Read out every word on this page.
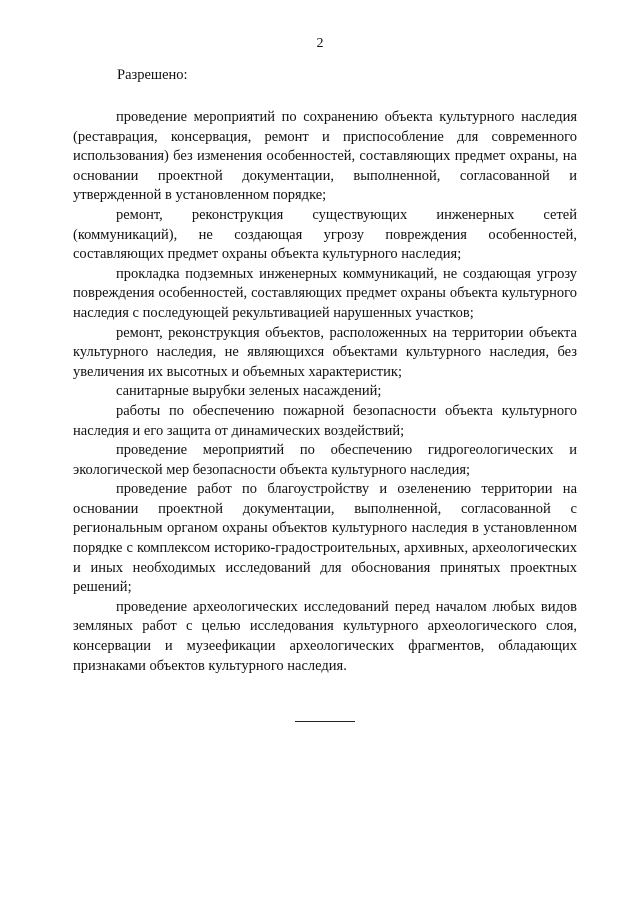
2
Разрешено:

проведение мероприятий по сохранению объекта культурного наследия (реставрация, консервация, ремонт и приспособление для современного использования) без изменения особенностей, составляющих предмет охраны, на основании проектной документации, выполненной, согласованной и утвержденной в установленном порядке;

ремонт, реконструкция существующих инженерных сетей (коммуникаций), не создающая угрозу повреждения особенностей, составляющих предмет охраны объекта культурного наследия;

прокладка подземных инженерных коммуникаций, не создающая угрозу повреждения особенностей, составляющих предмет охраны объекта культурного наследия с последующей рекультивацией нарушенных участков;

ремонт, реконструкция объектов, расположенных на территории объекта культурного наследия, не являющихся объектами культурного наследия, без увеличения их высотных и объемных характеристик;

санитарные вырубки зеленых насаждений;

работы по обеспечению пожарной безопасности объекта культурного наследия и его защита от динамических воздействий;

проведение мероприятий по обеспечению гидрогеологических и экологической мер безопасности объекта культурного наследия;

проведение работ по благоустройству и озеленению территории на основании проектной документации, выполненной, согласованной с региональным органом охраны объектов культурного наследия в установленном порядке с комплексом историко-градостроительных, архивных, археологических и иных необходимых исследований для обоснования принятых проектных решений;

проведение археологических исследований перед началом любых видов земляных работ с целью исследования культурного археологического слоя, консервации и музеефикации археологических фрагментов, обладающих признаками объектов культурного наследия.
